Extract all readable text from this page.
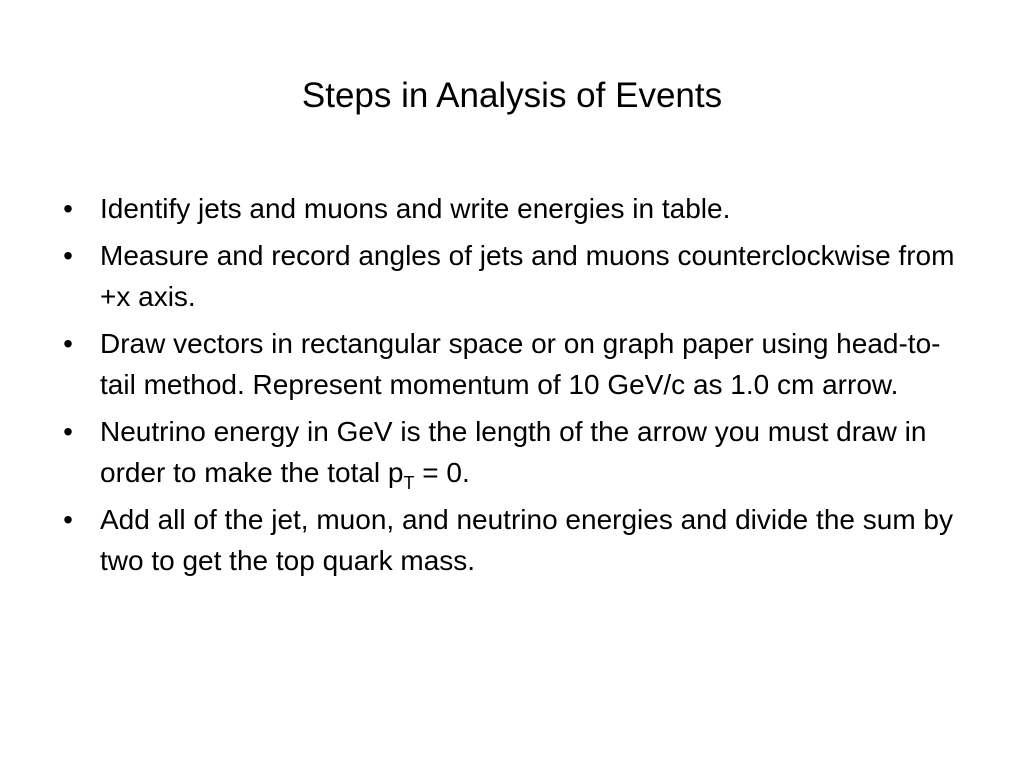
Steps in Analysis of Events
• Identify jets and muons and write energies in table.
• Measure and record angles of jets and muons counterclockwise from +x axis.
• Draw vectors in rectangular space or on graph paper using head-to-tail method. Represent momentum of 10 GeV/c as 1.0 cm arrow.
• Neutrino energy in GeV is the length of the arrow you must draw in order to make the total $p_T = 0$.
• Add all of the jet, muon, and neutrino energies and divide the sum by two to get the top quark mass.
